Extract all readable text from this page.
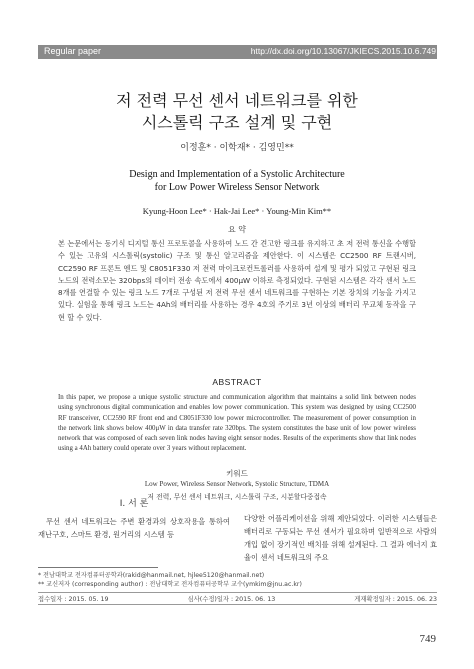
Regular paper	http://dx.doi.org/10.13067/JKIECS.2015.10.6.749
저 전력 무선 센서 네트워크를 위한
시스톨릭 구조 설계 및 구현
이정훈* · 이학재* · 김영민**
Design and Implementation of a Systolic Architecture
for Low Power Wireless Sensor Network
Kyung-Hoon Lee* · Hak-Jai Lee* · Young-Min Kim**
요 약
본 논문에서는 동기식 디지털 통신 프로토콜을 사용하여 노드 간 견고한 링크를 유지하고 초 저 전력 통신을 수행할 수 있는 고유의 시스톨릭(systolic) 구조 및 통신 알고리즘을 제안한다. 이 시스템은 CC2500 RF 트랜시버, CC2590 RF 프론트 엔드 및 C8051F330 저 전력 마이크로컨트롤러를 사용하여 설계 및 평가 되었고 구현된 링크 노드의 전력소모는 320bps의 데이터 전송 속도에서 400μW 이하로 측정되었다. 구현된 시스템은 각각 센서 노드 8개를 연결할 수 있는 링크 노드 7개로 구성된 저 전력 무선 센서 네트워크를 구현하는 기본 장치의 기능을 가지고 있다. 실험을 통해 링크 노드는 4Ah의 배터리를 사용하는 경우 4호의 주기로 3년 이상의 배터리 무교체 동작을 구현 할 수 있다.
ABSTRACT
In this paper, we propose a unique systolic structure and communication algorithm that maintains a solid link between nodes using synchronous digital communication and enables low power communication. This system was designed by using CC2500 RF transceiver, CC2590 RF front end and C8051F330 low power microcontroller. The measurement of power consumption in the network link shows below 400μW in data transfer rate 320bps. The system constitutes the base unit of low power wireless network that was composed of each seven link nodes having eight sensor nodes. Results of the experiments show that link nodes using a 4Ah battery could operate over 3 years without replacement.
키워드
Low Power, Wireless Sensor Network, Systolic Structure, TDMA
저 전력, 무선 센서 네트워크, 시스톨릭 구조, 시분할다중접속
Ⅰ. 서 론
무선 센서 네트워크는 주변 환경과의 상호작용을 통하여 재난구호, 스마트 환경, 원거리의 시스템 등
다양한 어플리케이션을 위해 제안되었다. 이러한 시스템들은 배터리로 구동되는 무선 센서가 필요하며 일반적으로 사람의 개입 없이 장기적인 배치를 위해 설계된다. 그 결과 에너지 효율이 센서 네트워크의 주요
* 전남대학교 전자컴퓨터공학과(rakid@hanmail.net, hjlee5120@hanmail.net)
** 교신저자 (corresponding author) : 전남대학교 전자컴퓨터공학부 교수(ymkim@jnu.ac.kr)
접수일자 : 2015. 05. 19	심사(수정)일자 : 2015. 06. 13	게재확정일자 : 2015. 06. 23
749
